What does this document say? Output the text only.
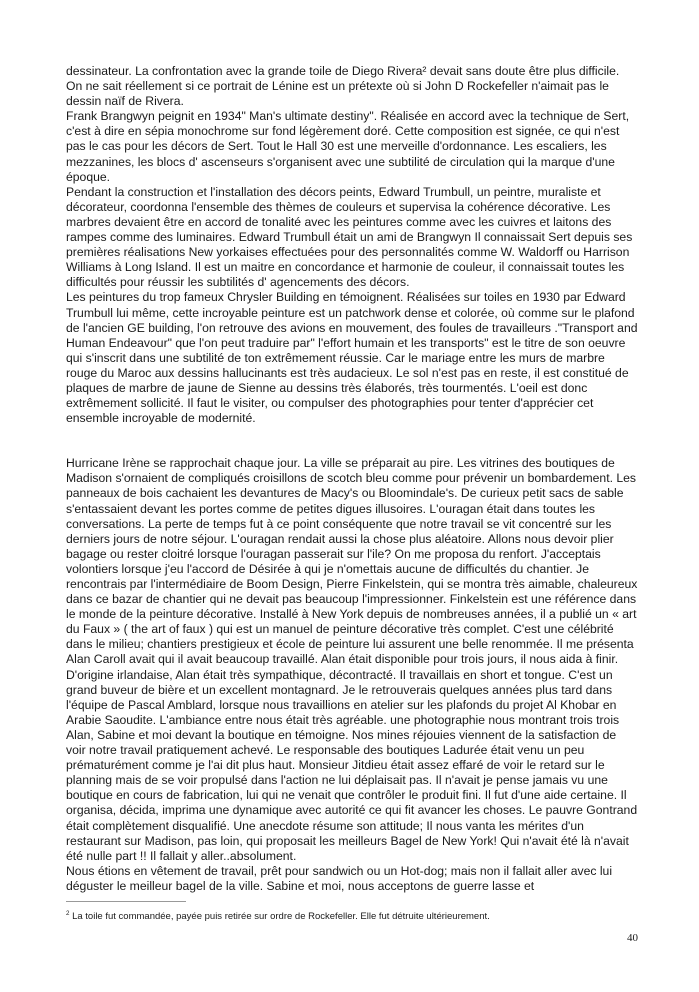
dessinateur. La confrontation avec la grande toile de Diego Rivera² devait sans doute être plus difficile. On ne sait réellement si ce portrait de Lénine est un prétexte où si John D Rockefeller n'aimait pas le dessin naïf de Rivera.

Frank Brangwyn peignit en 1934" Man's ultimate destiny". Réalisée en accord avec la technique de Sert, c'est à dire en sépia monochrome sur fond légèrement doré. Cette composition est signée, ce qui n'est pas le cas pour les décors de Sert. Tout le Hall 30 est une merveille d'ordonnance. Les escaliers, les mezzanines, les blocs d' ascenseurs s'organisent avec une subtilité de circulation qui la marque d'une époque.

Pendant la construction et l'installation des décors peints, Edward Trumbull, un peintre, muraliste et décorateur, coordonna l'ensemble des thèmes de couleurs et supervisa la cohérence décorative. Les marbres devaient être en accord de tonalité avec les peintures comme avec les cuivres et laitons des rampes comme des luminaires. Edward Trumbull était un ami de Brangwyn Il connaissait Sert depuis ses premières réalisations New yorkaises effectuées pour des personnalités comme W. Waldorff ou Harrison Williams à Long Island. Il est un maitre en concordance et harmonie de couleur, il connaissait toutes les difficultés pour réussir les subtilités d' agencements des décors.

Les peintures du trop fameux Chrysler Building en témoignent. Réalisées sur toiles en 1930 par Edward Trumbull lui même, cette incroyable peinture est un patchwork dense et colorée, où comme sur le plafond de l'ancien GE building, l'on retrouve des avions en mouvement, des foules de travailleurs ."Transport and Human Endeavour" que l'on peut traduire par" l'effort humain et les transports" est le titre de son oeuvre qui s'inscrit dans une subtilité de ton extrêmement réussie. Car le mariage entre les murs de marbre rouge du Maroc aux dessins hallucinants est très audacieux. Le sol n'est pas en reste, il est constitué de plaques de marbre de jaune de Sienne au dessins très élaborés, très tourmentés. L'oeil est donc extrêmement sollicité. Il faut le visiter, ou compulser des photographies pour tenter d'apprécier cet ensemble incroyable de modernité.

Hurricane Irène se rapprochait chaque jour. La ville se préparait au pire. Les vitrines des boutiques de Madison s'ornaient de compliqués croisillons de scotch bleu comme pour prévenir un bombardement. Les panneaux de bois cachaient les devantures de Macy's ou Bloomindale's. De curieux petit sacs de sable s'entassaient devant les portes comme de petites digues illusoires. L'ouragan était dans toutes les conversations. La perte de temps fut à ce point conséquente que notre travail se vit concentré sur les derniers jours de notre séjour. L'ouragan rendait aussi la chose plus aléatoire. Allons nous devoir plier bagage ou rester cloitré lorsque l'ouragan passerait sur l'ile? On me proposa du renfort. J'acceptais volontiers lorsque j'eu l'accord de Désirée à qui je n'omettais aucune de difficultés du chantier. Je rencontrais par l'intermédiaire de Boom Design, Pierre Finkelstein, qui se montra très aimable, chaleureux dans ce bazar de chantier qui ne devait pas beaucoup l'impressionner. Finkelstein est une référence dans le monde de la peinture décorative. Installé à New York depuis de nombreuses années, il a publié un « art du Faux » ( the art of faux ) qui est un manuel de peinture décorative très complet. C'est une célébrité dans le milieu; chantiers prestigieux et école de peinture lui assurent une belle renommée. Il me présenta Alan Caroll avait qui il avait beaucoup travaillé. Alan était disponible pour trois jours, il nous aida à finir. D'origine irlandaise, Alan était très sympathique, décontracté. Il travaillais en short et tongue. C'est un grand buveur de bière et un excellent montagnard. Je le retrouverais quelques années plus tard dans l'équipe de Pascal Amblard, lorsque nous travaillions en atelier sur les plafonds du projet Al Khobar en Arabie Saoudite. L'ambiance entre nous était très agréable. une photographie nous montrant trois trois Alan, Sabine et moi devant la boutique en témoigne. Nos mines réjouies viennent de la satisfaction de voir notre travail pratiquement achevé. Le responsable des boutiques Ladurée était venu un peu prématurément comme je l'ai dit plus haut. Monsieur Jitdieu était assez effaré de voir le retard sur le planning mais de se voir propulsé dans l'action ne lui déplaisait pas. Il n'avait je pense jamais vu une boutique en cours de fabrication, lui qui ne venait que contrôler le produit fini. Il fut d'une aide certaine. Il organisa, décida, imprima une dynamique avec autorité ce qui fit avancer les choses. Le pauvre Gontrand était complètement disqualifié. Une anecdote résume son attitude; Il nous vanta les mérites d'un restaurant sur Madison, pas loin, qui proposait les meilleurs Bagel de New York! Qui n'avait été là n'avait été nulle part !! Il fallait y aller..absolument.

Nous étions en vêtement de travail, prêt pour sandwich ou un Hot-dog; mais non il fallait aller avec lui déguster le meilleur bagel de la ville. Sabine et moi, nous acceptons de guerre lasse et

$^2$ La toile fut commandée, payée puis retirée sur ordre de Rockefeller. Elle fut détruite ultérieurement.
40
